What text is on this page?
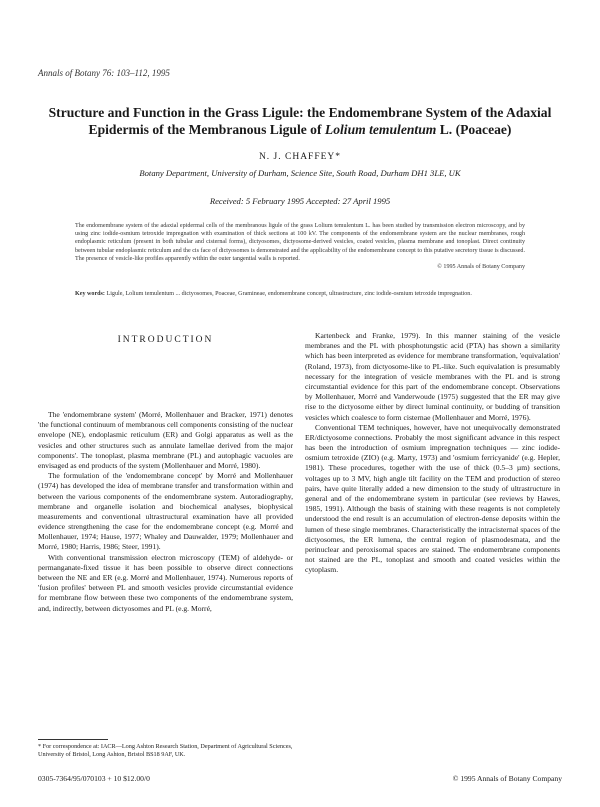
Annals of Botany 76: 103–112, 1995
Structure and Function in the Grass Ligule: the Endomembrane System of the Adaxial Epidermis of the Membranous Ligule of Lolium temulentum L. (Poaceae)
N. J. CHAFFEY*
Botany Department, University of Durham, Science Site, South Road, Durham DH1 3LE, UK
Received: 5 February 1995 Accepted: 27 April 1995
The endomembrane system of the adaxial epidermal cells of the membranous ligule of the grass Lolium temulentum L. has been studied by transmission electron microscopy, and by using zinc iodide-osmium tetroxide impregnation with examination of thick sections at 100 kV. The components of the endomembrane system are the nuclear membranes, rough endoplasmic reticulum (present in both tubular and cisternal forms), dictyosomes, dictyosome-derived vesicles, coated vesicles, plasma membrane and tonoplast. Direct continuity between tubular endoplasmic reticulum and the cis face of dictyosomes is demonstrated and the applicability of the endomembrane concept to this putative secretory tissue is discussed. The presence of vesicle-like profiles apparently within the outer tangential walls is reported.
© 1995 Annals of Botany Company
Key words: Ligule, Lolium temulentum ... dictyosomes, Poaceae, Gramineae, endomembrane concept, ultrastructure, zinc iodide-osmium tetroxide impregnation.
INTRODUCTION

The 'endomembrane system' (Morré, Mollenhauer and Bracker, 1971) denotes 'the functional continuum of membranous cell components consisting of the nuclear envelope (NE), endoplasmic reticulum (ER) and Golgi apparatus as well as the vesicles and other structures such as annulate lamellae derived from the major components'. The tonoplast, plasma membrane (PL) and autophagic vacuoles are envisaged as end products of the system (Mollenhauer and Morré, 1980).

The formulation of the 'endomembrane concept' by Morré and Mollenhauer (1974) has developed the idea of membrane transfer and transformation within and between the various components of the endomembrane system. Autoradiography, membrane and organelle isolation and biochemical analyses, biophysical measurements and conventional ultrastructural examination have all provided evidence strengthening the case for the endomembrane concept (e.g. Morré and Mollenhauer, 1974; Hause, 1977; Whaley and Dauwalder, 1979; Mollenhauer and Morré, 1980; Harris, 1986; Steer, 1991).

With conventional transmission electron microscopy (TEM) of aldehyde- or permanganate-fixed tissue it has been possible to observe direct connections between the NE and ER (e.g. Morré and Mollenhauer, 1974). Numerous reports of 'fusion profiles' between PL and smooth vesicles provide circumstantial evidence for membrane flow between these two components of the endomembrane system, and, indirectly, between dictyosomes and PL (e.g. Morré,

Kartenbeck and Franke, 1979). In this manner staining of the vesicle membranes and the PL with phosphotungstic acid (PTA) has shown a similarity which has been interpreted as evidence for membrane transformation, 'equivalation' (Roland, 1973), from dictyosome-like to PL-like. Such equivalation is presumably necessary for the integration of vesicle membranes with the PL and is strong circumstantial evidence for this part of the endomembrane concept. Observations by Mollenhauer, Morré and Vanderwoude (1975) suggested that the ER may give rise to the dictyosome either by direct luminal continuity, or budding of transition vesicles which coalesce to form cisternae (Mollenhauer and Morré, 1976).

Conventional TEM techniques, however, have not unequivocally demonstrated ER/dictyosome connections. Probably the most significant advance in this respect has been the introduction of osmium impregnation techniques — zinc iodide-osmium tetroxide (ZIO) (e.g. Marty, 1973) and 'osmium ferricyanide' (e.g. Hepler, 1981). These procedures, together with the use of thick (0.5–3 µm) sections, voltages up to 3 MV, high angle tilt facility on the TEM and production of stereo pairs, have quite literally added a new dimension to the study of ultrastructure in general and of the endomembrane system in particular (see reviews by Hawes, 1985, 1991). Although the basis of staining with these reagents is not completely understood the end result is an accumulation of electron-dense deposits within the lumen of these single membranes. Characteristically the intracisternal spaces of the dictyosomes, the ER lumena, the central region of plasmodesmata, and the perinuclear and peroxisomal spaces are stained. The endomembrane components not stained are the PL, tonoplast and smooth and coated vesicles within the cytoplasm.

* For correspondence at: IACR—Long Ashton Research Station, Department of Agricultural Sciences, University of Bristol, Long Ashton, Bristol BS18 9AF, UK.
0305-7364/95/070103 + 10 $12.00/0	© 1995 Annals of Botany Company
